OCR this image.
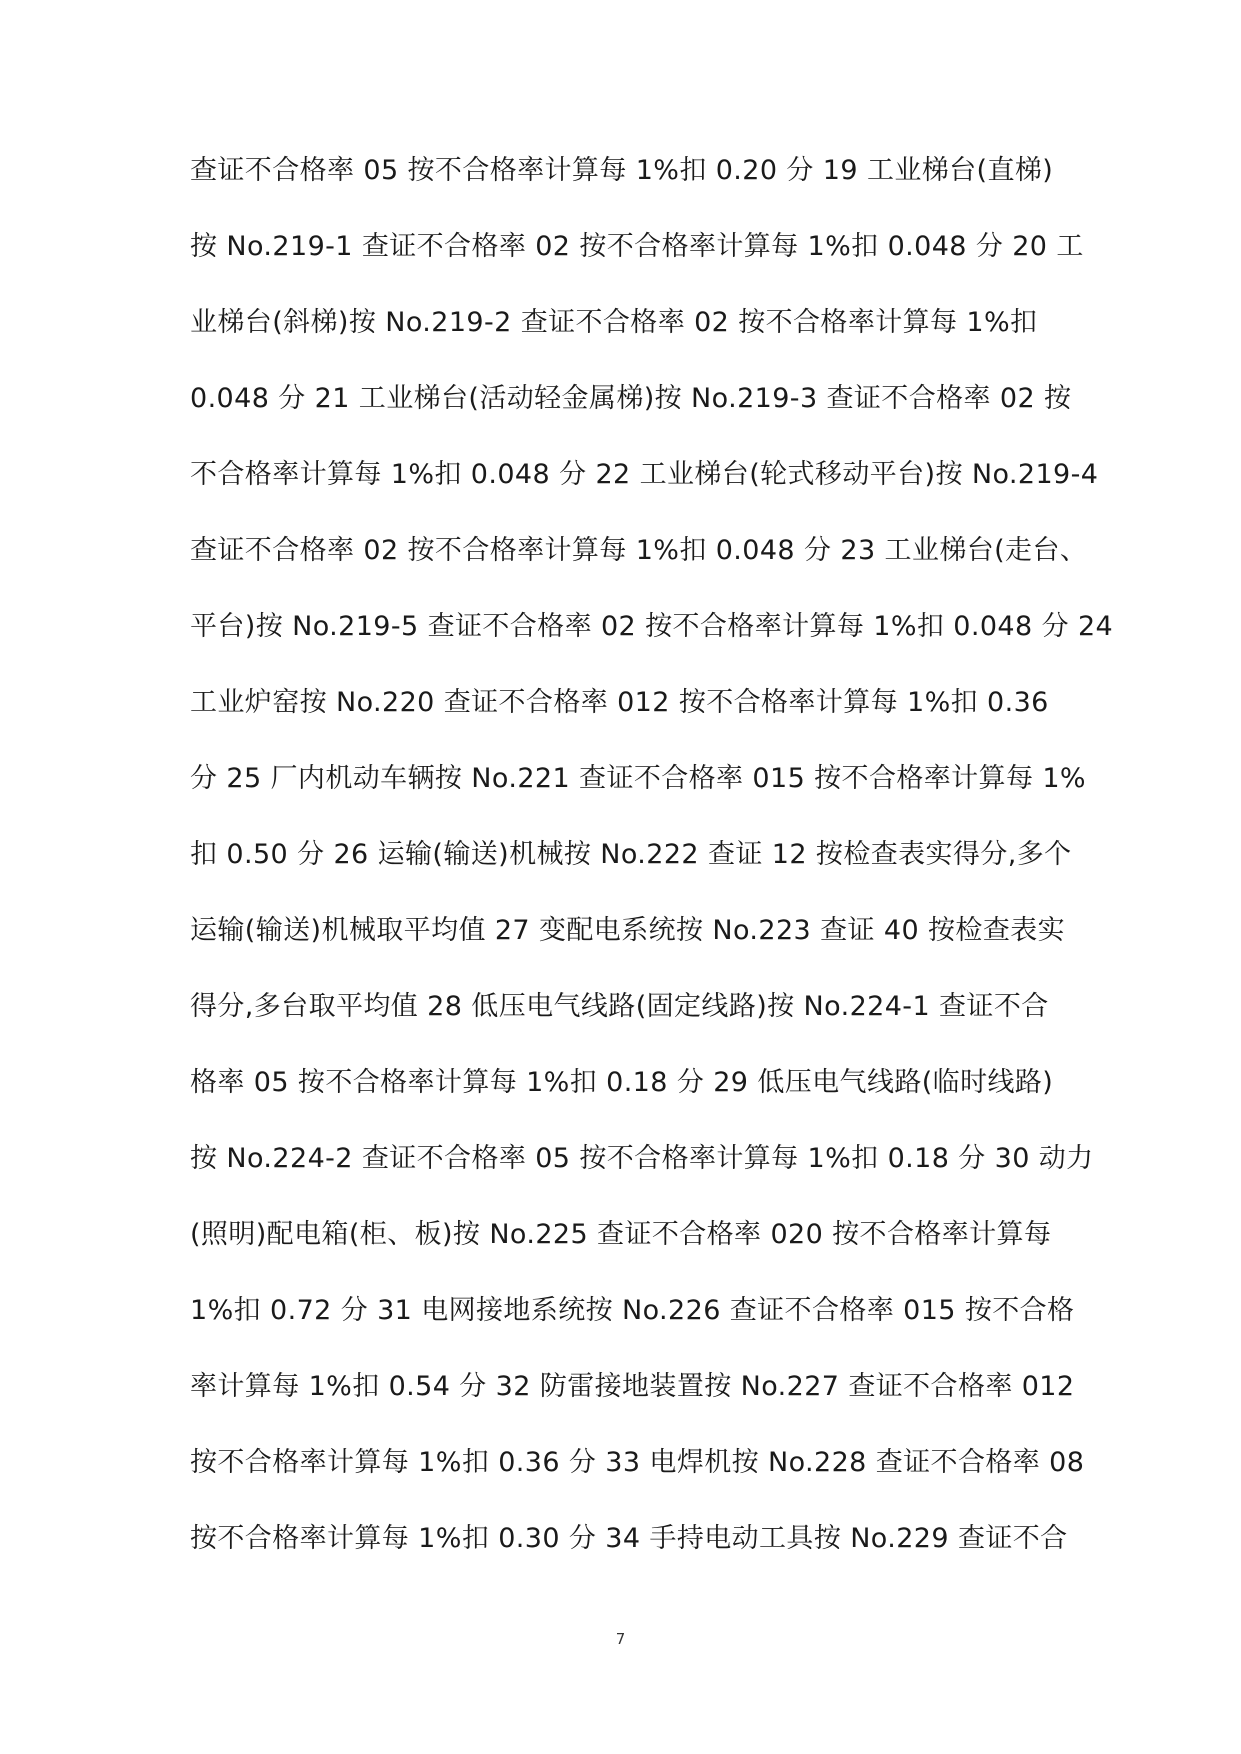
查证不合格率 05 按不合格率计算每 1%扣 0.20 分 19 工业梯台(直梯)
按 No.219-1 查证不合格率 02 按不合格率计算每 1%扣 0.048 分 20 工
业梯台(斜梯)按 No.219-2 查证不合格率 02 按不合格率计算每 1%扣
0.048 分 21 工业梯台(活动轻金属梯)按 No.219-3 查证不合格率 02 按
不合格率计算每 1%扣 0.048 分 22 工业梯台(轮式移动平台)按 No.219-4
查证不合格率 02 按不合格率计算每 1%扣 0.048 分 23 工业梯台(走台、
平台)按 No.219-5 查证不合格率 02 按不合格率计算每 1%扣 0.048 分 24
工业炉窑按 No.220 查证不合格率 012 按不合格率计算每 1%扣 0.36
分 25 厂内机动车辆按 No.221 查证不合格率 015 按不合格率计算每 1%
扣 0.50 分 26 运输(输送)机械按 No.222 查证 12 按检查表实得分,多个
运输(输送)机械取平均值 27 变配电系统按 No.223 查证 40 按检查表实
得分,多台取平均值 28 低压电气线路(固定线路)按 No.224-1 查证不合
格率 05 按不合格率计算每 1%扣 0.18 分 29 低压电气线路(临时线路)
按 No.224-2 查证不合格率 05 按不合格率计算每 1%扣 0.18 分 30 动力
(照明)配电箱(柜、板)按 No.225 查证不合格率 020 按不合格率计算每
1%扣 0.72 分 31 电网接地系统按 No.226 查证不合格率 015 按不合格
率计算每 1%扣 0.54 分 32 防雷接地装置按 No.227 查证不合格率 012
按不合格率计算每 1%扣 0.36 分 33 电焊机按 No.228 查证不合格率 08
按不合格率计算每 1%扣 0.30 分 34 手持电动工具按 No.229 查证不合
7
